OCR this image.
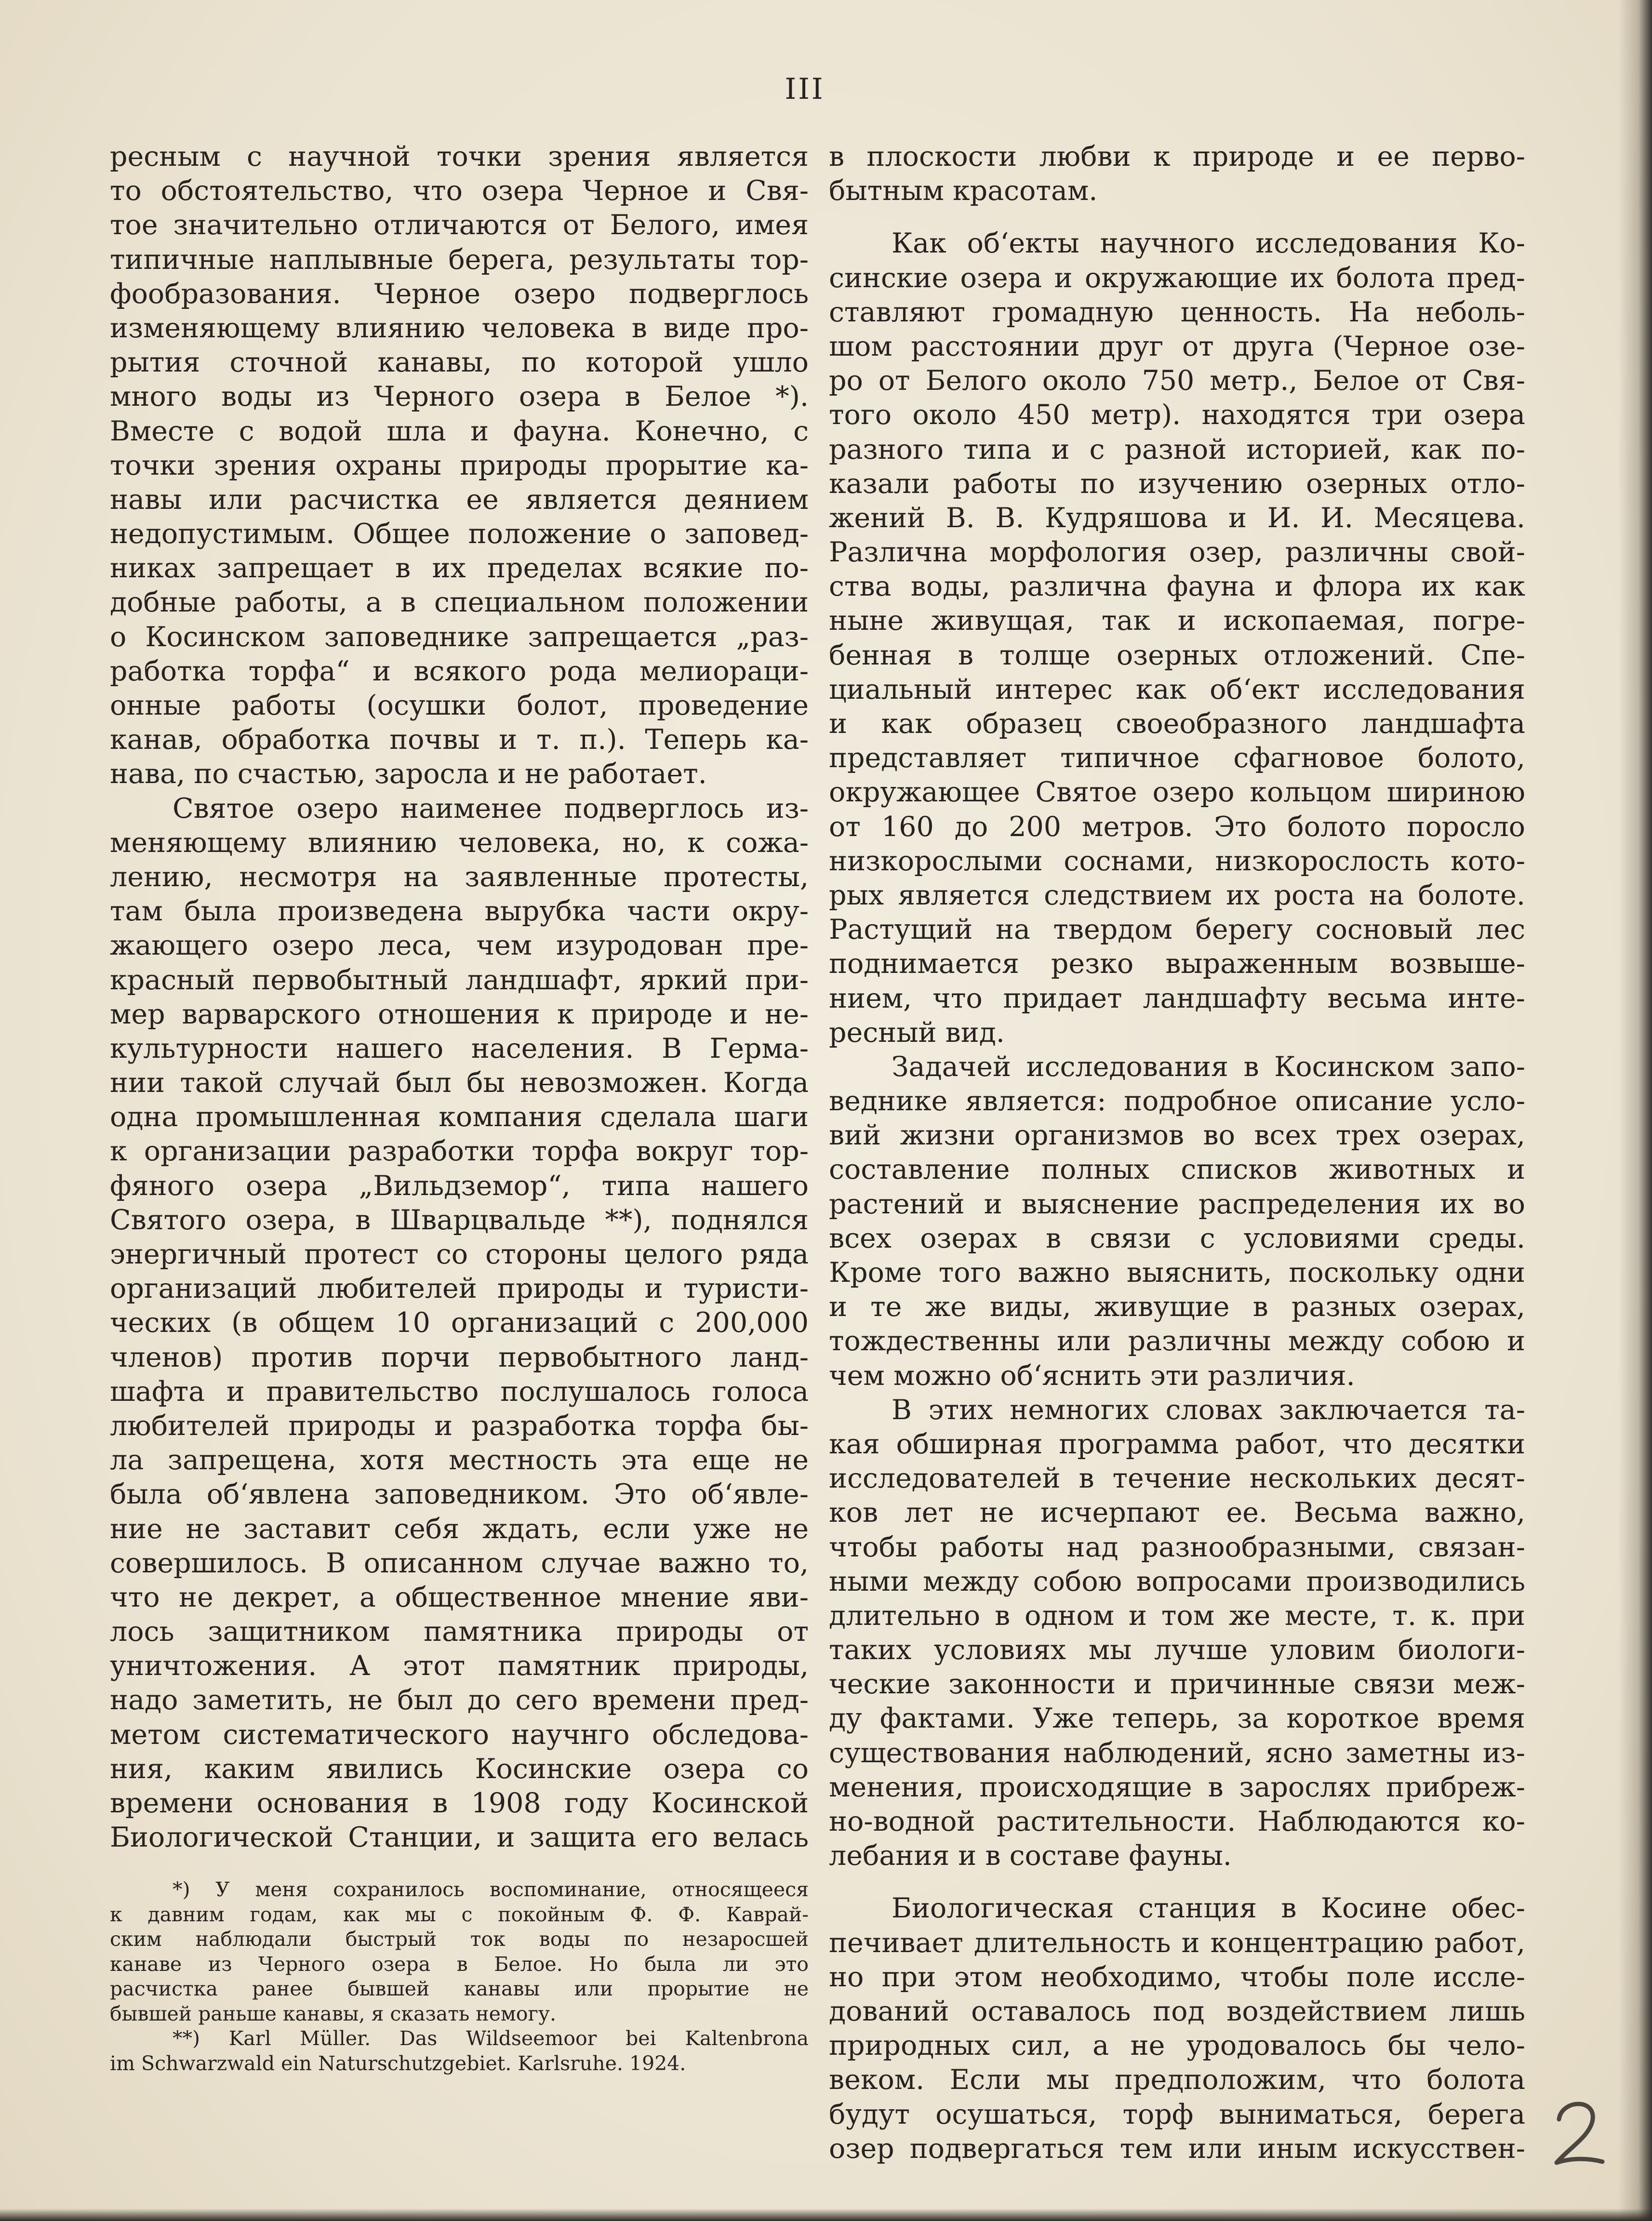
III
ресным с научной точки зрения является
то обстоятельство, что озера Черное и Свя-
тое значительно отличаются от Белого, имея
типичные наплывные берега, результаты тор-
фообразования. Черное озеро подверглось
изменяющему влиянию человека в виде про-
рытия сточной канавы, по которой ушло
много воды из Черного озера в Белое *).
Вместе с водой шла и фауна. Конечно, с
точки зрения охраны природы прорытие ка-
навы или расчистка ее является деянием
недопустимым. Общее положение о заповед-
никах запрещает в их пределах всякие по-
добные работы, а в специальном положении
о Косинском заповеднике запрещается „раз-
работка торфа“ и всякого рода мелиораци-
онные работы (осушки болот, проведение
канав, обработка почвы и т. п.). Теперь ка-
нава, по счастью, заросла и не работает.
Святое озеро наименее подверглось из-
меняющему влиянию человека, но, к сожа-
лению, несмотря на заявленные протесты,
там была произведена вырубка части окру-
жающего озеро леса, чем изуродован пре-
красный первобытный ландшафт, яркий при-
мер варварского отношения к природе и не-
культурности нашего населения. В Герма-
нии такой случай был бы невозможен. Когда
одна промышленная компания сделала шаги
к организации разработки торфа вокруг тор-
фяного озера „Вильдземор“, типа нашего
Святого озера, в Шварцвальде **), поднялся
энергичный протест со стороны целого ряда
организаций любителей природы и туристи-
ческих (в общем 10 организаций с 200,000
членов) против порчи первобытного ланд-
шафта и правительство послушалось голоса
любителей природы и разработка торфа бы-
ла запрещена, хотя местность эта еще не
была об‘явлена заповедником. Это об‘явле-
ние не заставит себя ждать, если уже не
совершилось. В описанном случае важно то,
что не декрет, а общественное мнение яви-
лось защитником памятника природы от
уничтожения. А этот памятник природы,
надо заметить, не был до сего времени пред-
метом систематического научнго обследова-
ния, каким явились Косинские озера со
времени основания в 1908 году Косинской
Биологической Станции, и защита его велась
в плоскости любви к природе и ее перво-
бытным красотам.
Как об‘екты научного исследования Ко-
синские озера и окружающие их болота пред-
ставляют громадную ценность. На неболь-
шом расстоянии друг от друга (Черное озе-
ро от Белого около 750 метр., Белое от Свя-
того около 450 метр). находятся три озера
разного типа и с разной историей, как по-
казали работы по изучению озерных отло-
жений В. В. Кудряшова и И. И. Месяцева.
Различна морфология озер, различны свой-
ства воды, различна фауна и флора их как
ныне живущая, так и ископаемая, погре-
бенная в толще озерных отложений. Спе-
циальный интерес как об‘ект исследования
и как образец своеобразного ландшафта
представляет типичное сфагновое болото,
окружающее Святое озеро кольцом шириною
от 160 до 200 метров. Это болото поросло
низкорослыми соснами, низкорослость кото-
рых является следствием их роста на болоте.
Растущий на твердом берегу сосновый лес
поднимается резко выраженным возвыше-
нием, что придает ландшафту весьма инте-
ресный вид.
Задачей исследования в Косинском запо-
веднике является: подробное описание усло-
вий жизни организмов во всех трех озерах,
составление полных списков животных и
растений и выяснение распределения их во
всех озерах в связи с условиями среды.
Кроме того важно выяснить, поскольку одни
и те же виды, живущие в разных озерах,
тождественны или различны между собою и
чем можно об‘яснить эти различия.
В этих немногих словах заключается та-
кая обширная программа работ, что десятки
исследователей в течение нескольких десят-
ков лет не исчерпают ее. Весьма важно,
чтобы работы над разнообразными, связан-
ными между собою вопросами производились
длительно в одном и том же месте, т. к. при
таких условиях мы лучше уловим биологи-
ческие законности и причинные связи меж-
ду фактами. Уже теперь, за короткое время
существования наблюдений, ясно заметны из-
менения, происходящие в зарослях прибреж-
но-водной растительности. Наблюдаются ко-
лебания и в составе фауны.
Биологическая станция в Косине обес-
печивает длительность и концентрацию работ,
но при этом необходимо, чтобы поле иссле-
дований оставалось под воздействием лишь
природных сил, а не уродовалось бы чело-
веком. Если мы предположим, что болота
будут осушаться, торф выниматься, берега
озер подвергаться тем или иным искусствен-
*) У меня сохранилось воспоминание, относящееся
к давним годам, как мы с покойным Ф. Ф. Каврай-
ским наблюдали быстрый ток воды по незаросшей
канаве из Черного озера в Белое. Но была ли это
расчистка ранее бывшей канавы или прорытие не
бывшей раньше канавы, я сказать немогу.
**) Karl Müller. Das Wildseemoor bei Kaltenbrona
im Schwarzwald ein Naturschutzgebiet. Karlsruhe. 1924.
